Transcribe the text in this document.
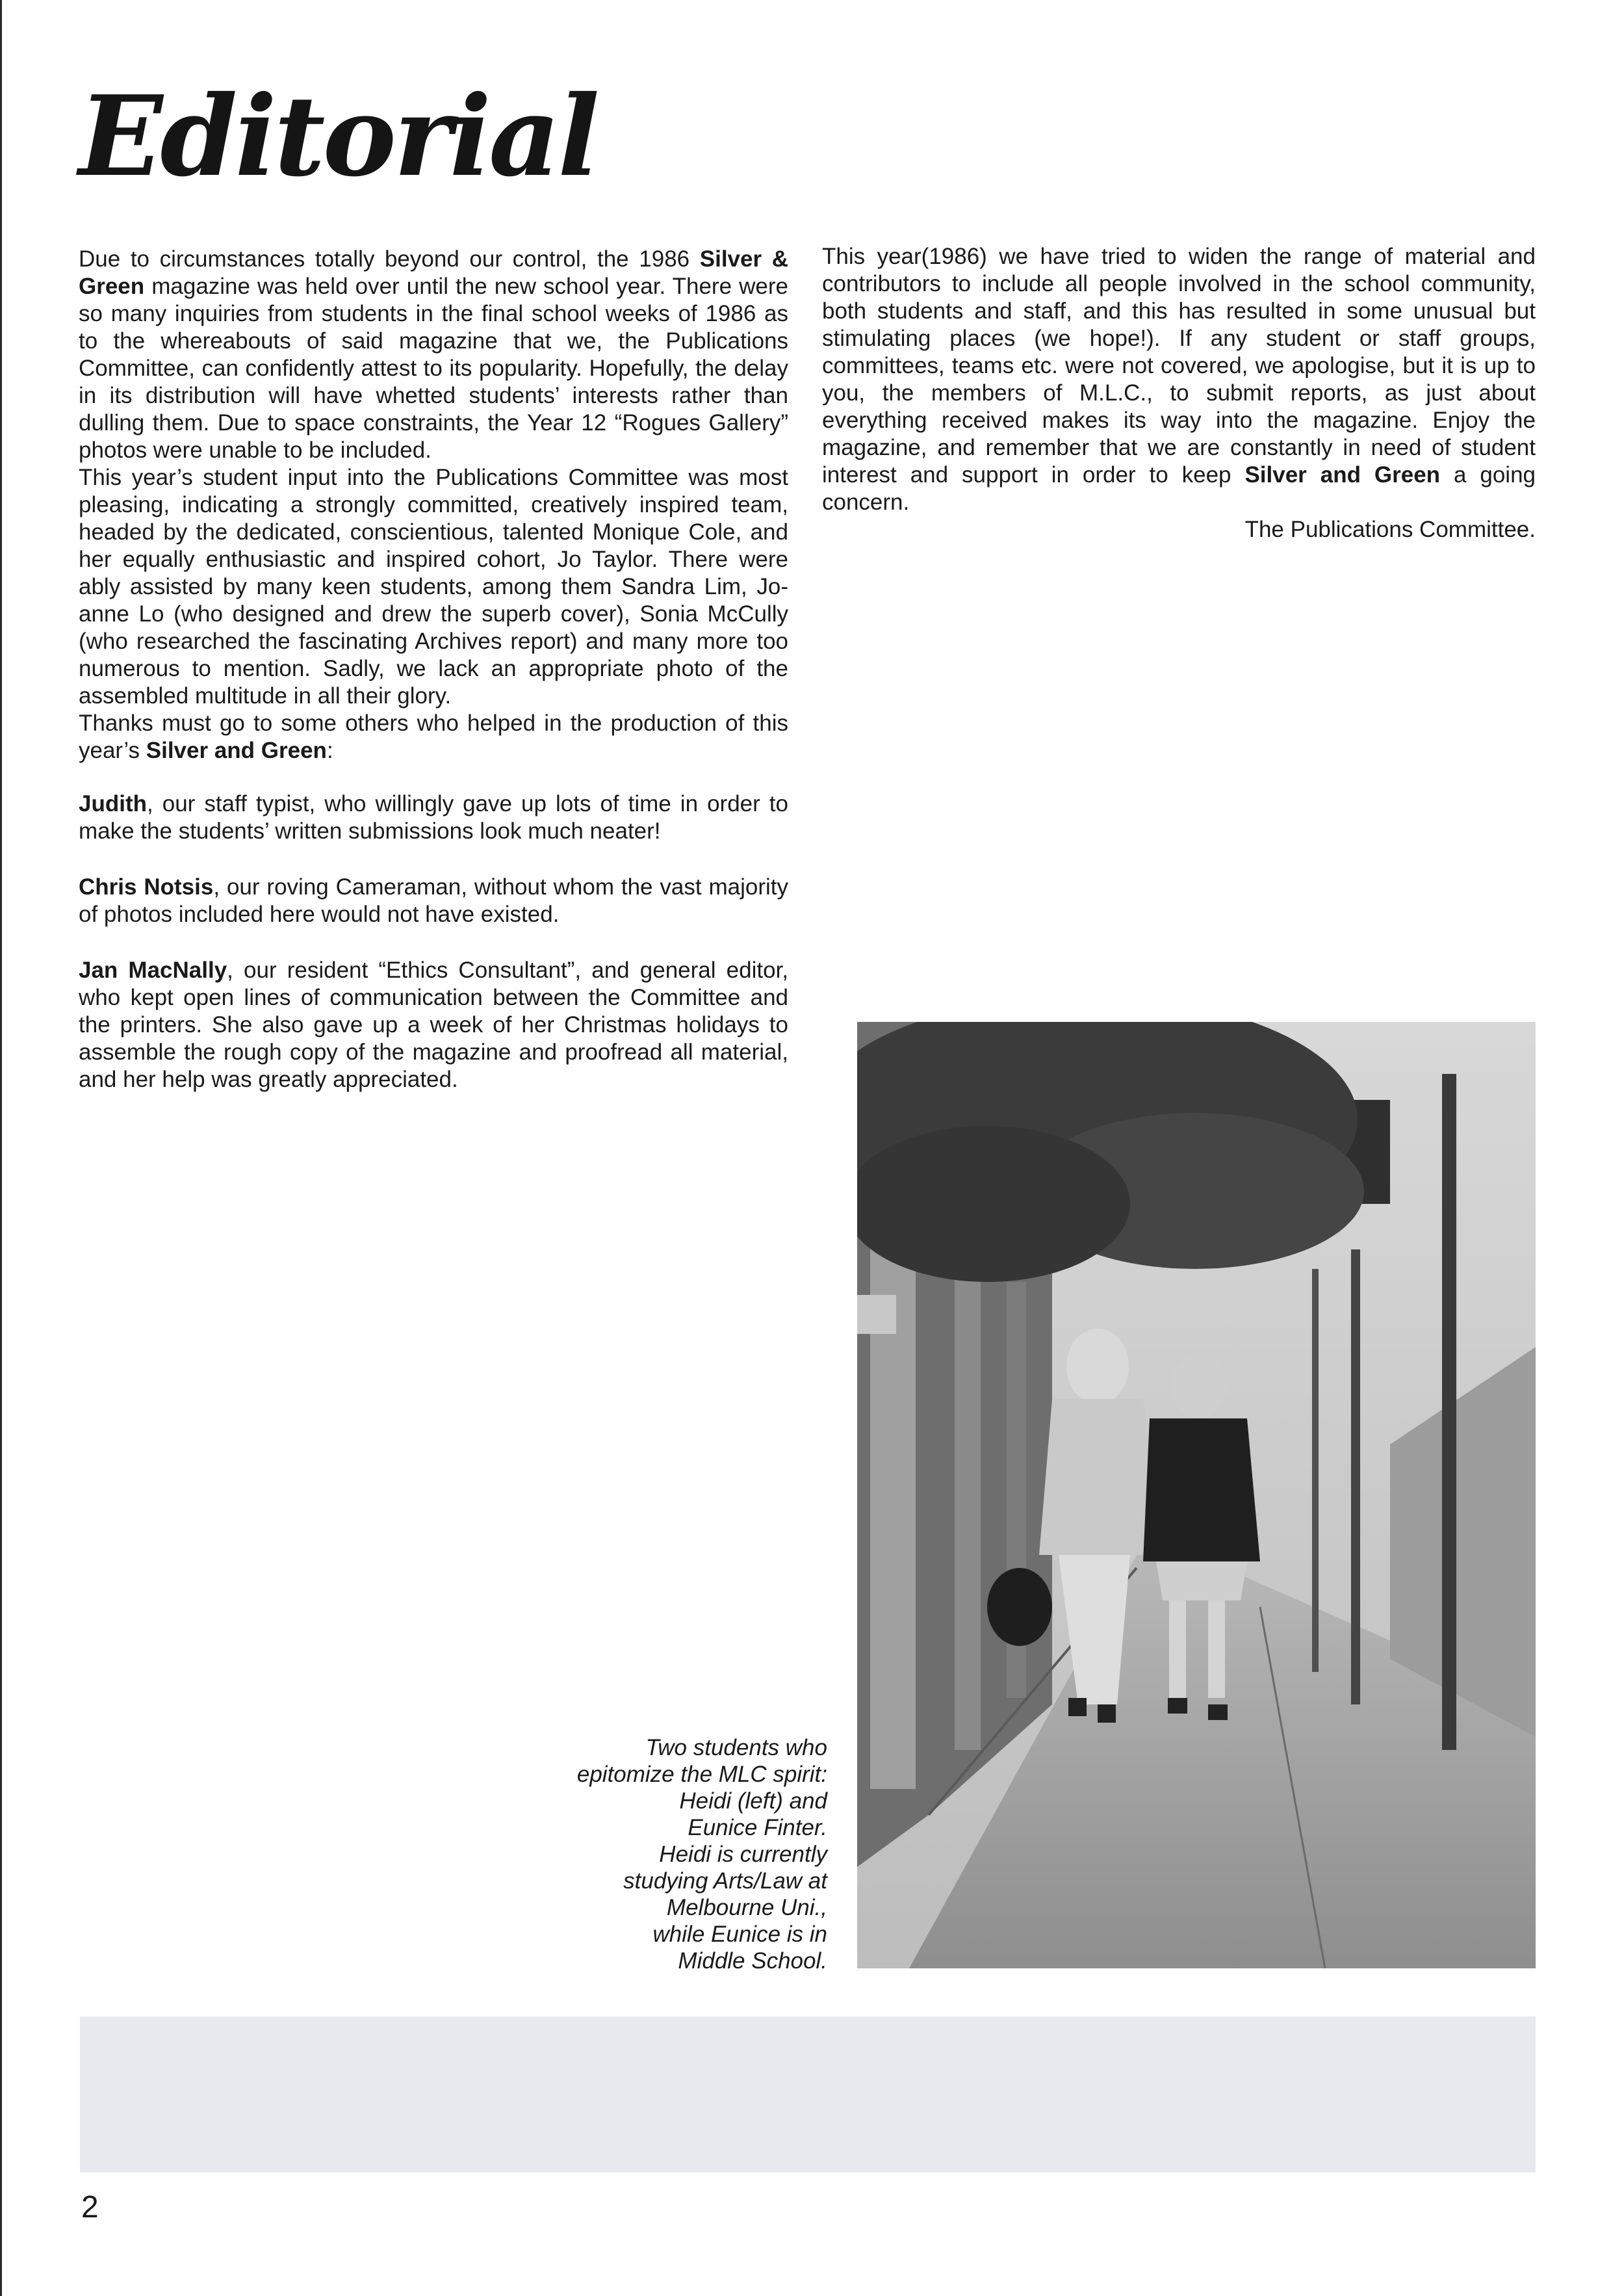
Editorial

Due to circumstances totally beyond our control, the 1986 Silver & Green magazine was held over until the new school year. There were so many inquiries from students in the final school weeks of 1986 as to the whereabouts of said magazine that we, the Publications Committee, can confidently attest to its popularity. Hopefully, the delay in its distribution will have whetted students’ interests rather than dulling them. Due to space constraints, the Year 12 “Rogues Gallery” photos were unable to be included.

This year’s student input into the Publications Committee was most pleasing, indicating a strongly committed, creatively inspired team, headed by the dedicated, conscientious, talented Monique Cole, and her equally enthusiastic and inspired cohort, Jo Taylor. There were ably assisted by many keen students, among them Sandra Lim, Jo-anne Lo (who designed and drew the superb cover), Sonia McCully (who researched the fascinating Archives report) and many more too numerous to mention. Sadly, we lack an appropriate photo of the assembled multitude in all their glory.

Thanks must go to some others who helped in the production of this year’s Silver and Green:

Judith, our staff typist, who willingly gave up lots of time in order to make the students’ written submissions look much neater!

Chris Notsis, our roving Cameraman, without whom the vast majority of photos included here would not have existed.

Jan MacNally, our resident “Ethics Consultant”, and general editor, who kept open lines of communication between the Committee and the printers. She also gave up a week of her Christmas holidays to assemble the rough copy of the magazine and proofread all material, and her help was greatly appreciated.

This year(1986) we have tried to widen the range of material and contributors to include all people involved in the school community, both students and staff, and this has resulted in some unusual but stimulating places (we hope!). If any student or staff groups, committees, teams etc. were not covered, we apologise, but it is up to you, the members of M.L.C., to submit reports, as just about everything received makes its way into the magazine. Enjoy the magazine, and remember that we are constantly in need of student interest and support in order to keep Silver and Green a going concern.

The Publications Committee.

Two students who
epitomize the MLC spirit:
Heidi (left) and
Eunice Finter.
Heidi is currently
studying Arts/Law at
Melbourne Uni.,
while Eunice is in
Middle School.
2
